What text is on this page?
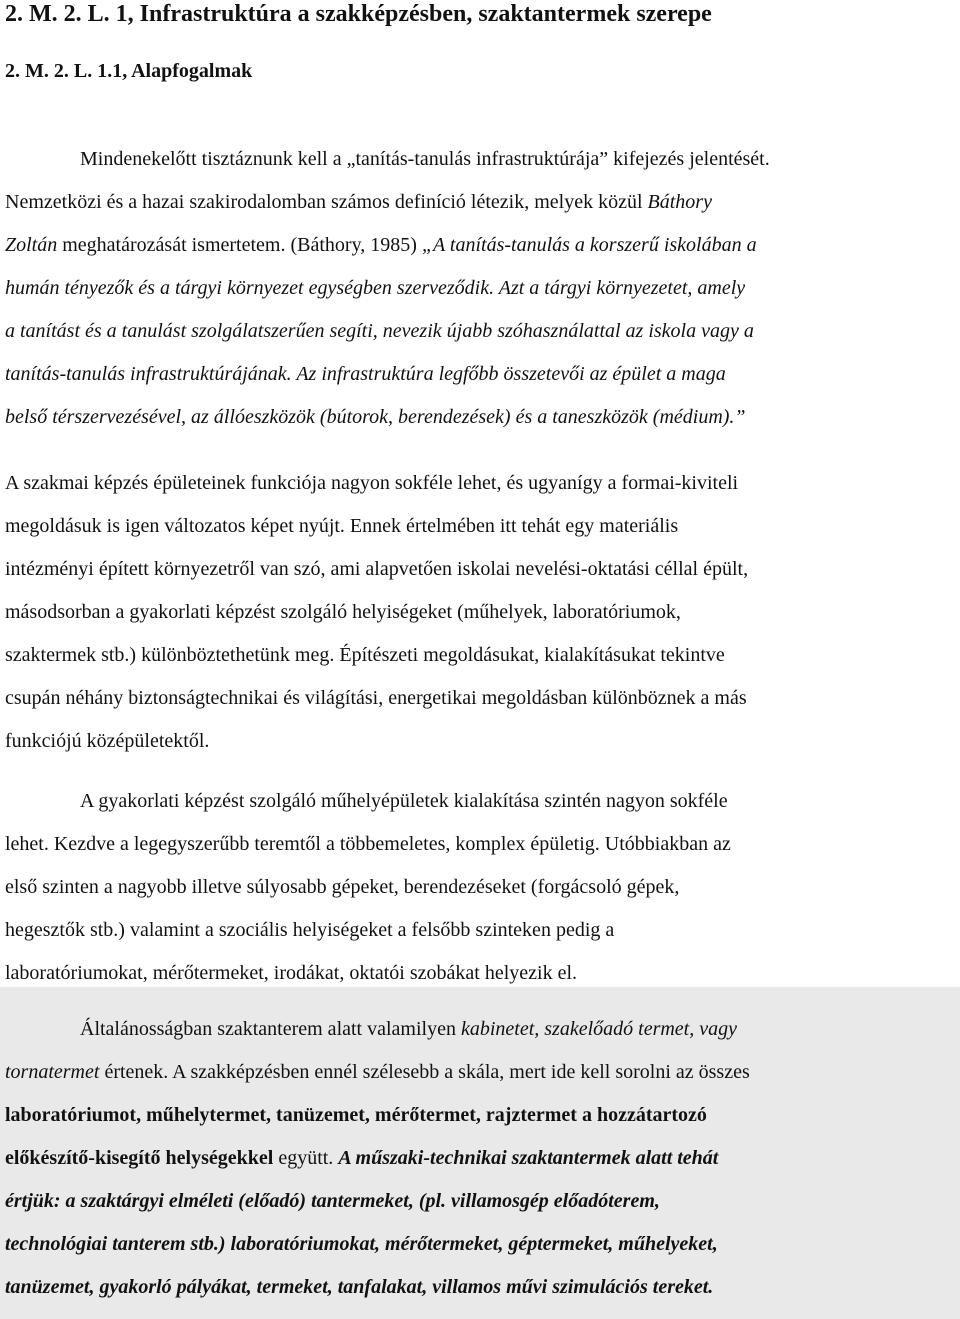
2. M. 2. L. 1, Infrastruktúra a szakképzésben, szaktantermek szerepe
2. M. 2. L. 1.1, Alapfogalmak
Mindenekelőtt tisztáznunk kell a „tanítás-tanulás infrastruktúrája” kifejezés jelentését.
Nemzetközi és a hazai szakirodalomban számos definíció létezik, melyek közül Báthory
Zoltán meghatározását ismertetem. (Báthory, 1985) „A tanítás-tanulás a korszerű iskolában a
humán tényezők és a tárgyi környezet egységben szerveződik. Azt a tárgyi környezetet, amely
a tanítást és a tanulást szolgálatszerűen segíti, nevezik újabb szóhasználattal az iskola vagy a
tanítás-tanulás infrastruktúrájának. Az infrastruktúra legfőbb összetevői az épület a maga
belső térszervezésével, az állóeszközök (bútorok, berendezések) és a taneszközök (médium).”
A szakmai képzés épületeinek funkciója nagyon sokféle lehet, és ugyanígy a formai-kiviteli
megoldásuk is igen változatos képet nyújt. Ennek értelmében itt tehát egy materiális
intézményi épített környezetről van szó, ami alapvetően iskolai nevelési-oktatási céllal épült,
másodsorban a gyakorlati képzést szolgáló helyiségeket (műhelyek, laboratóriumok,
szaktermek stb.) különböztethetünk meg. Építészeti megoldásukat, kialakításukat tekintve
csupán néhány biztonságtechnikai és világítási, energetikai megoldásban különböznek a más
funkciójú középületektől.
A gyakorlati képzést szolgáló műhelyépületek kialakítása szintén nagyon sokféle
lehet. Kezdve a legegyszerűbb teremtől a többemeletes, komplex épületig. Utóbbiakban az
első szinten a nagyobb illetve súlyosabb gépeket, berendezéseket (forgácsoló gépek,
hegesztők stb.) valamint a szociális helyiségeket a felsőbb szinteken pedig a
laboratóriumokat, mérőtermeket, irodákat, oktatói szobákat helyezik el.
Általánosságban szaktanterem alatt valamilyen kabinetet, szakelőadó termet, vagy
tornatermet értenek. A szakképzésben ennél szélesebb a skála, mert ide kell sorolni az összes
laboratóriumot, műhelytermet, tanüzemet, mérőtermet, rajztermet a hozzátartozó
előkészítő-kisegítő helységekkel együtt. A műszaki-technikai szaktantermek alatt tehát
értjük: a szaktárgyi elméleti (előadó) tantermeket, (pl. villamosgép előadóterem,
technológiai tanterem stb.) laboratóriumokat, mérőtermeket, géptermeket, műhelyeket,
tanüzemet, gyakorló pályákat, termeket, tanfalakat, villamos művi szimulációs tereket.
